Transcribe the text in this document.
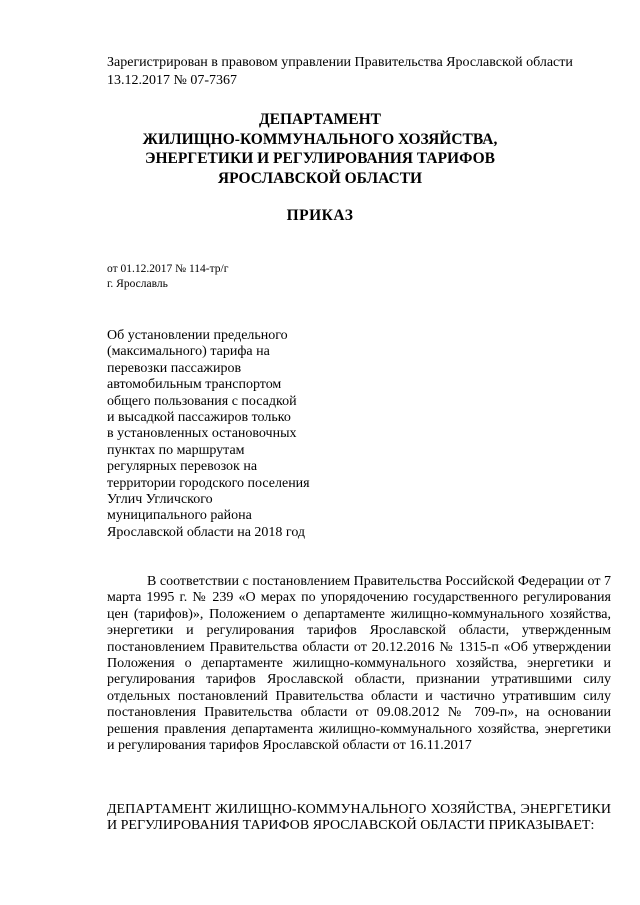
Зарегистрирован в правовом управлении Правительства Ярославской области
13.12.2017 № 07-7367
ДЕПАРТАМЕНТ
ЖИЛИЩНО-КОММУНАЛЬНОГО ХОЗЯЙСТВА,
ЭНЕРГЕТИКИ И РЕГУЛИРОВАНИЯ ТАРИФОВ
ЯРОСЛАВСКОЙ ОБЛАСТИ
ПРИКАЗ
от 01.12.2017 № 114-тр/г
г. Ярославль
Об установлении предельного
(максимального) тарифа на
перевозки пассажиров
автомобильным транспортом
общего пользования с посадкой
и высадкой пассажиров только
в установленных остановочных
пунктах по маршрутам
регулярных перевозок на
территории городского поселения
Углич Угличского
муниципального района
Ярославской области на 2018 год

В соответствии с постановлением Правительства Российской Федерации от 7 марта 1995 г. № 239 «О мерах по упорядочению государственного регулирования цен (тарифов)», Положением о департаменте жилищно-коммунального хозяйства, энергетики и регулирования тарифов Ярославской области, утвержденным постановлением Правительства области от 20.12.2016 № 1315-п «Об утверждении Положения о департаменте жилищно-коммунального хозяйства, энергетики и регулирования тарифов Ярославской области, признании утратившими силу отдельных постановлений Правительства области и частично утратившим силу постановления Правительства области от 09.08.2012 № 709-п», на основании решения правления департамента жилищно-коммунального хозяйства, энергетики и регулирования тарифов Ярославской области от 16.11.2017

ДЕПАРТАМЕНТ ЖИЛИЩНО-КОММУНАЛЬНОГО ХОЗЯЙСТВА, ЭНЕРГЕТИКИ И РЕГУЛИРОВАНИЯ ТАРИФОВ ЯРОСЛАВСКОЙ ОБЛАСТИ ПРИКАЗЫВАЕТ:
